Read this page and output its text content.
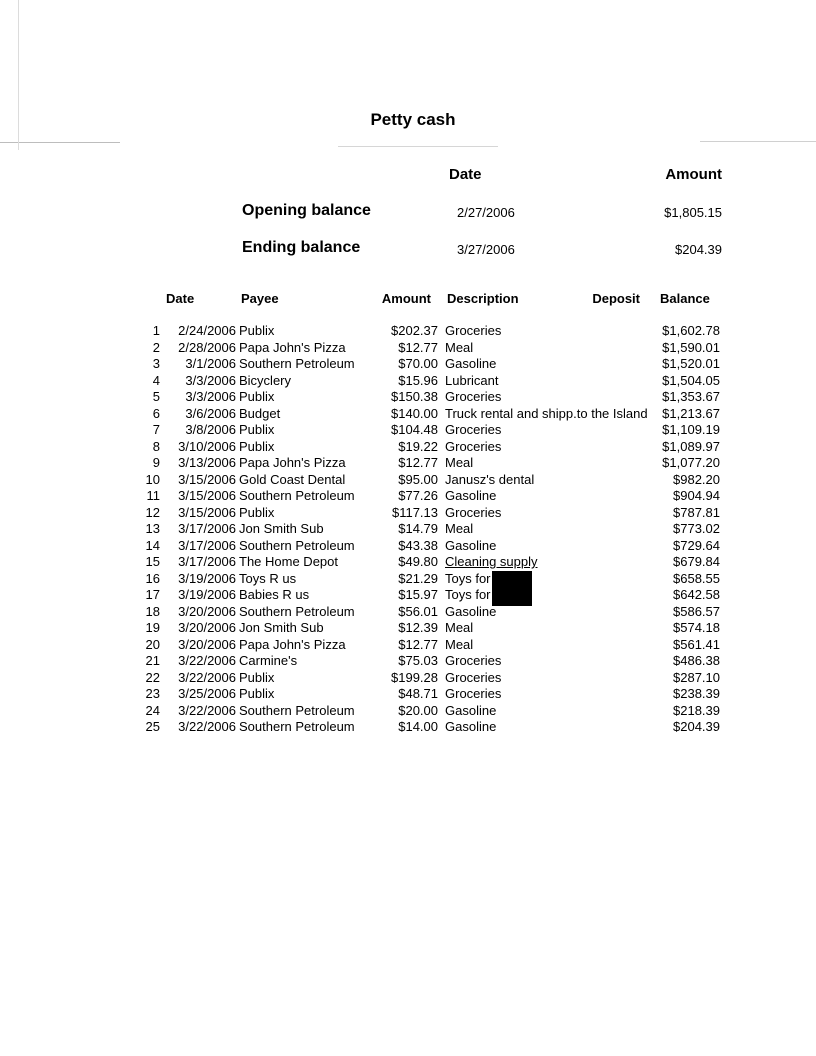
Petty cash
Date	Amount
Opening balance	2/27/2006	$1,805.15
Ending balance	3/27/2006	$204.39
Date	Payee	Amount Description	Deposit Balance
1	2/24/2006 Publix	$202.37 Groceries	$1,602.78
2	2/28/2006 Papa John's Pizza	$12.77 Meal	$1,590.01
3	3/1/2006 Southern Petroleum	$70.00 Gasoline	$1,520.01
4	3/3/2006 Bicyclery	$15.96 Lubricant	$1,504.05
5	3/3/2006 Publix	$150.38 Groceries	$1,353.67
6	3/6/2006 Budget	$140.00 Truck rental and shipp.to the Island	$1,213.67
7	3/8/2006 Publix	$104.48 Groceries	$1,109.19
8	3/10/2006 Publix	$19.22 Groceries	$1,089.97
9	3/13/2006 Papa John's Pizza	$12.77 Meal	$1,077.20
10	3/15/2006 Gold Coast Dental	$95.00 Janusz's dental	$982.20
11	3/15/2006 Southern Petroleum	$77.26 Gasoline	$904.94
12	3/15/2006 Publix	$117.13 Groceries	$787.81
13	3/17/2006 Jon Smith Sub	$14.79 Meal	$773.02
14	3/17/2006 Southern Petroleum	$43.38 Gasoline	$729.64
15	3/17/2006 The Home Depot	$49.80 Cleaning supply	$679.84
16	3/19/2006 Toys R us	$21.29 Toys for	$658.55
17	3/19/2006 Babies R us	$15.97 Toys for	$642.58
18	3/20/2006 Southern Petroleum	$56.01 Gasoline	$586.57
19	3/20/2006 Jon Smith Sub	$12.39 Meal	$574.18
20	3/20/2006 Papa John's Pizza	$12.77 Meal	$561.41
21	3/22/2006 Carmine's	$75.03 Groceries	$486.38
22	3/22/2006 Publix	$199.28 Groceries	$287.10
23	3/25/2006 Publix	$48.71 Groceries	$238.39
24	3/22/2006 Southern Petroleum	$20.00 Gasoline	$218.39
25	3/22/2006 Southern Petroleum	$14.00 Gasoline	$204.39
